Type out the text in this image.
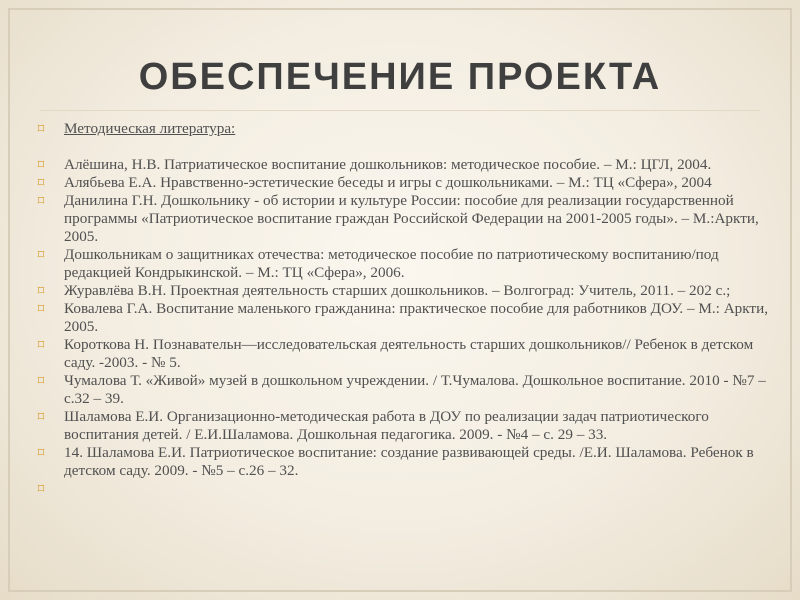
ОБЕСПЕЧЕНИЕ ПРОЕКТА
⌑ Методическая литература:
⌑ Алёшина, Н.В. Патриатическое воспитание дошкольников: методическое пособие. – М.: ЦГЛ, 2004.
⌑ Алябьева Е.А. Нравственно-эстетические беседы и игры с дошкольниками. – М.: ТЦ «Сфера», 2004
⌑ Данилина Г.Н. Дошкольнику - об истории и культуре России: пособие для реализации государственной программы «Патриотическое воспитание граждан Российской Федерации на 2001-2005 годы». – М.:Аркти, 2005.
⌑ Дошкольникам о защитниках отечества: методическое пособие по патриотическому воспитанию/под редакцией Кондрыкинской. – М.: ТЦ «Сфера», 2006.
⌑ Журавлёва В.Н. Проектная деятельность старших дошкольников. – Волгоград: Учитель, 2011. – 202 с.;
⌑ Ковалева Г.А. Воспитание маленького гражданина: практическое пособие для работников ДОУ. – М.: Аркти, 2005.
⌑ Короткова Н. Познавательн—исследовательская деятельность старших дошкольников// Ребенок в детском саду. -2003. - № 5.
⌑ Чумалова Т. «Живой» музей в дошкольном учреждении. / Т.Чумалова. Дошкольное воспитание. 2010 - №7 – с.32 – 39.
⌑ Шаламова Е.И. Организационно-методическая работа в ДОУ по реализации задач патриотического воспитания детей. / Е.И.Шаламова. Дошкольная педагогика. 2009. - №4 – с. 29 – 33.
⌑ 14. Шаламова Е.И. Патриотическое воспитание: создание развивающей среды. /Е.И. Шаламова. Ребенок в детском саду. 2009. - №5 – с.26 – 32.
⌑
